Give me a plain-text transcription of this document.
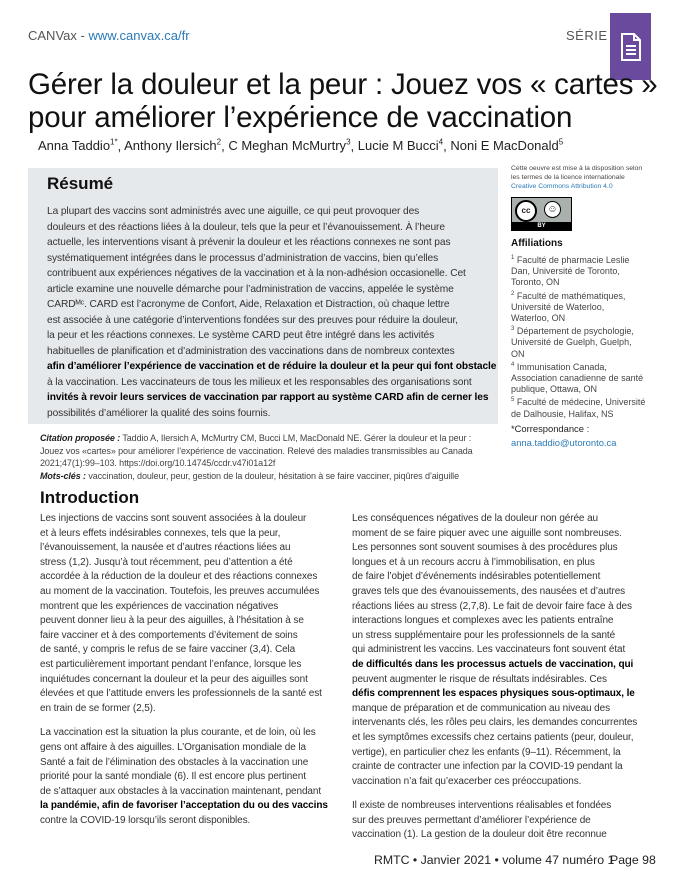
CANVax - www.canvax.ca/fr	SÉRIE
Gérer la douleur et la peur : Jouez vos « cartes »
pour améliorer l’expérience de vaccination
Anna Taddio$^{1*}$, Anthony Ilersich$^2$, C Meghan McMurtry$^3$, Lucie M Bucci$^4$, Noni E MacDonald$^5$
Résumé
La plupart des vaccins sont administrés avec une aiguille, ce qui peut provoquer des
douleurs et des réactions liées à la douleur, tels que la peur et l’évanouissement. À l’heure
actuelle, les interventions visant à prévenir la douleur et les réactions connexes ne sont pas
systématiquement intégrées dans le processus d’administration de vaccins, bien qu’elles
contribuent aux expériences négatives de la vaccination et à la non-adhésion occasionelle. Cet
article examine une nouvelle démarche pour l’administration de vaccins, appelée le système
CARDᴹᶜ. CARD est l’acronyme de Confort, Aide, Relaxation et Distraction, où chaque lettre
est associée à une catégorie d’interventions fondées sur des preuves pour réduire la douleur,
la peur et les réactions connexes. Le système CARD peut être intégré dans les activités
habituelles de planification et d’administration des vaccinations dans de nombreux contextes
afin d’améliorer l’expérience de vaccination et de réduire la douleur et la peur qui font obstacle
à la vaccination. Les vaccinateurs de tous les milieux et les responsables des organisations sont
invités à revoir leurs services de vaccination par rapport au système CARD afin de cerner les
possibilités d’améliorer la qualité des soins fournis.
Citation proposée : Taddio A, Ilersich A, McMurtry CM, Bucci LM, MacDonald NE. Gérer la douleur et la peur :
Jouez vos «cartes» pour améliorer l’expérience de vaccination. Relevé des maladies transmissibles au Canada
2021;47(1):99–103. https://doi.org/10.14745/ccdr.v47i01a12f
Mots-clés : vaccination, douleur, peur, gestion de la douleur, hésitation à se faire vacciner, piqûres d’aiguille
Cette oeuvre est mise à la disposition selon
les termes de la licence internationale
Creative Commons Attribution 4.0
cc	☺
BY
Affiliations
$^1$ Faculté de pharmacie Leslie
Dan, Université de Toronto,
Toronto, ON
$^2$ Faculté de mathématiques,
Université de Waterloo,
Waterloo, ON
$^3$ Département de psychologie,
Université de Guelph, Guelph,
ON
$^4$ Immunisation Canada,
Association canadienne de santé
publique, Ottawa, ON
$^5$ Faculté de médecine, Université
de Dalhousie, Halifax, NS
*Correspondance :
anna.taddio@utoronto.ca
Introduction
Les injections de vaccins sont souvent associées à la douleur
et à leurs effets indésirables connexes, tels que la peur,
l’évanouissement, la nausée et d’autres réactions liées au
stress (1,2). Jusqu’à tout récemment, peu d’attention a été
accordée à la réduction de la douleur et des réactions connexes
au moment de la vaccination. Toutefois, les preuves accumulées
montrent que les expériences de vaccination négatives
peuvent donner lieu à la peur des aiguilles, à l’hésitation à se
faire vacciner et à des comportements d’évitement de soins
de santé, y compris le refus de se faire vacciner (3,4). Cela
est particulièrement important pendant l’enfance, lorsque les
inquiétudes concernant la douleur et la peur des aiguilles sont
élevées et que l’attitude envers les professionnels de la santé est
en train de se former (2,5).
La vaccination est la situation la plus courante, et de loin, où les
gens ont affaire à des aiguilles. L’Organisation mondiale de la
Santé a fait de l’élimination des obstacles à la vaccination une
priorité pour la santé mondiale (6). Il est encore plus pertinent
de s’attaquer aux obstacles à la vaccination maintenant, pendant
la pandémie, afin de favoriser l’acceptation du ou des vaccins
contre la COVID-19 lorsqu’ils seront disponibles.
Les conséquences négatives de la douleur non gérée au
moment de se faire piquer avec une aiguille sont nombreuses.
Les personnes sont souvent soumises à des procédures plus
longues et à un recours accru à l’immobilisation, en plus
de faire l’objet d’événements indésirables potentiellement
graves tels que des évanouissements, des nausées et d’autres
réactions liées au stress (2,7,8). Le fait de devoir faire face à des
interactions longues et complexes avec les patients entraîne
un stress supplémentaire pour les professionnels de la santé
qui administrent les vaccins. Les vaccinateurs font souvent état
de difficultés dans les processus actuels de vaccination, qui
peuvent augmenter le risque de résultats indésirables. Ces
défis comprennent les espaces physiques sous-optimaux, le
manque de préparation et de communication au niveau des
intervenants clés, les rôles peu clairs, les demandes concurrentes
et les symptômes excessifs chez certains patients (peur, douleur,
vertige), en particulier chez les enfants (9–11). Récemment, la
crainte de contracter une infection par la COVID-19 pendant la
vaccination n’a fait qu’exacerber ces préoccupations.
Il existe de nombreuses interventions réalisables et fondées
sur des preuves permettant d’améliorer l’expérience de
vaccination (1). La gestion de la douleur doit être reconnue
RMTC • Janvier 2021 • volume 47 numéro 1
Page 98
